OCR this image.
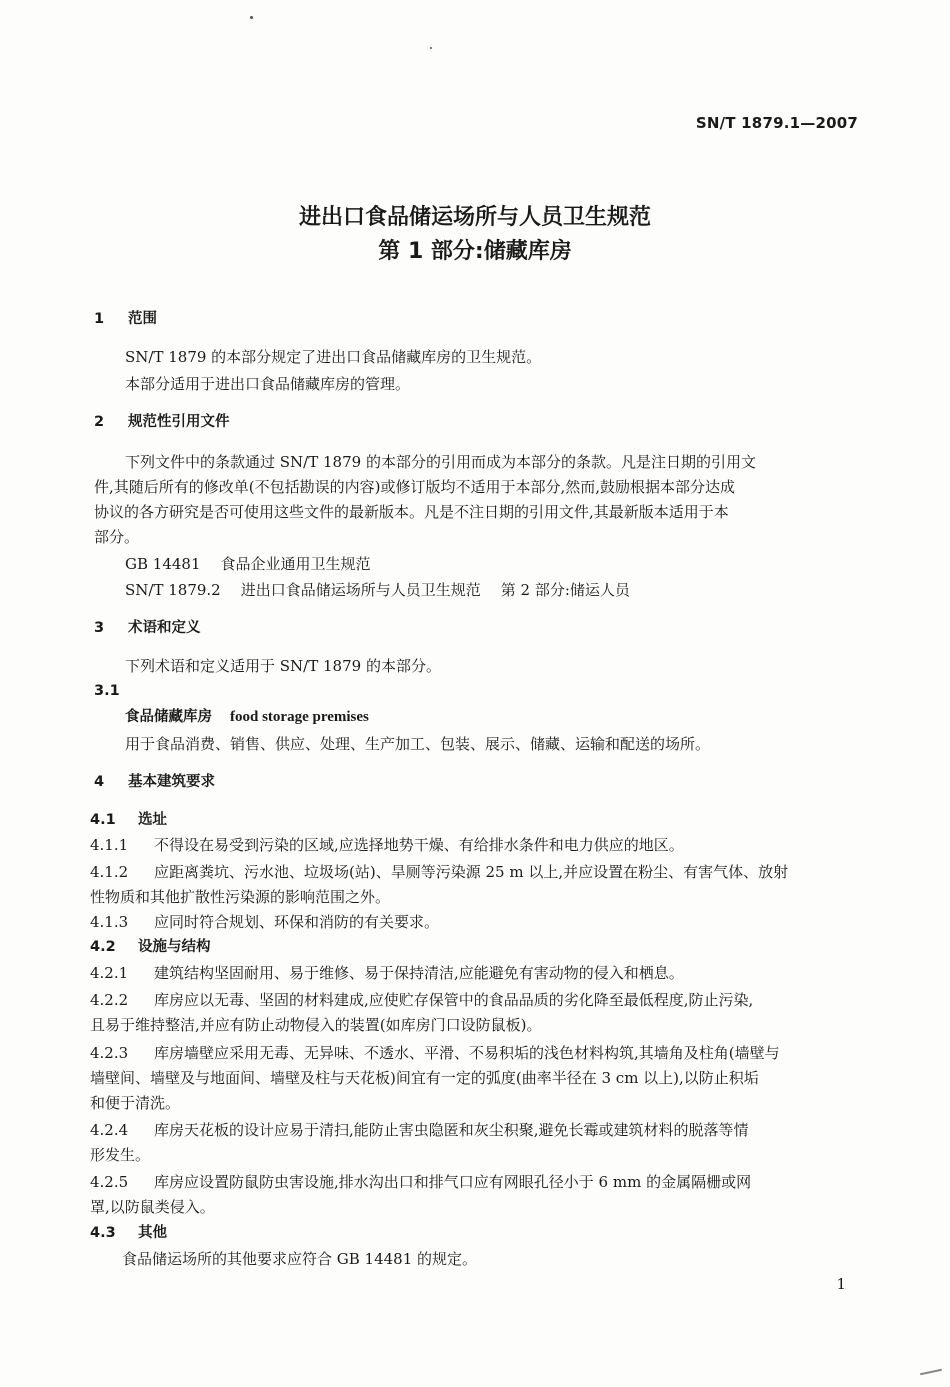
SN/T 1879.1—2007
进出口食品储运场所与人员卫生规范
第 1 部分:储藏库房
1 范围
SN/T 1879 的本部分规定了进出口食品储藏库房的卫生规范。
本部分适用于进出口食品储藏库房的管理。
2 规范性引用文件
下列文件中的条款通过 SN/T 1879 的本部分的引用而成为本部分的条款。凡是注日期的引用文
件,其随后所有的修改单(不包括勘误的内容)或修订版均不适用于本部分,然而,鼓励根据本部分达成
协议的各方研究是否可使用这些文件的最新版本。凡是不注日期的引用文件,其最新版本适用于本
部分。
GB 14481 食品企业通用卫生规范
SN/T 1879.2 进出口食品储运场所与人员卫生规范 第 2 部分:储运人员
3 术语和定义
下列术语和定义适用于 SN/T 1879 的本部分。
3.1
食品储藏库房 food storage premises
用于食品消费、销售、供应、处理、生产加工、包装、展示、储藏、运输和配送的场所。
4 基本建筑要求
4.1 选址
4.1.1 不得设在易受到污染的区域,应选择地势干燥、有给排水条件和电力供应的地区。
4.1.2 应距离粪坑、污水池、垃圾场(站)、旱厕等污染源 25 m 以上,并应设置在粉尘、有害气体、放射
性物质和其他扩散性污染源的影响范围之外。
4.1.3 应同时符合规划、环保和消防的有关要求。
4.2 设施与结构
4.2.1 建筑结构坚固耐用、易于维修、易于保持清洁,应能避免有害动物的侵入和栖息。
4.2.2 库房应以无毒、坚固的材料建成,应使贮存保管中的食品品质的劣化降至最低程度,防止污染,
且易于维持整洁,并应有防止动物侵入的装置(如库房门口设防鼠板)。
4.2.3 库房墙壁应采用无毒、无异味、不透水、平滑、不易积垢的浅色材料构筑,其墙角及柱角(墙壁与
墙壁间、墙壁及与地面间、墙壁及柱与天花板)间宜有一定的弧度(曲率半径在 3 cm 以上),以防止积垢
和便于清洗。
4.2.4 库房天花板的设计应易于清扫,能防止害虫隐匿和灰尘积聚,避免长霉或建筑材料的脱落等情
形发生。
4.2.5 库房应设置防鼠防虫害设施,排水沟出口和排气口应有网眼孔径小于 6 mm 的金属隔栅或网
罩,以防鼠类侵入。
4.3 其他
食品储运场所的其他要求应符合 GB 14481 的规定。
1
